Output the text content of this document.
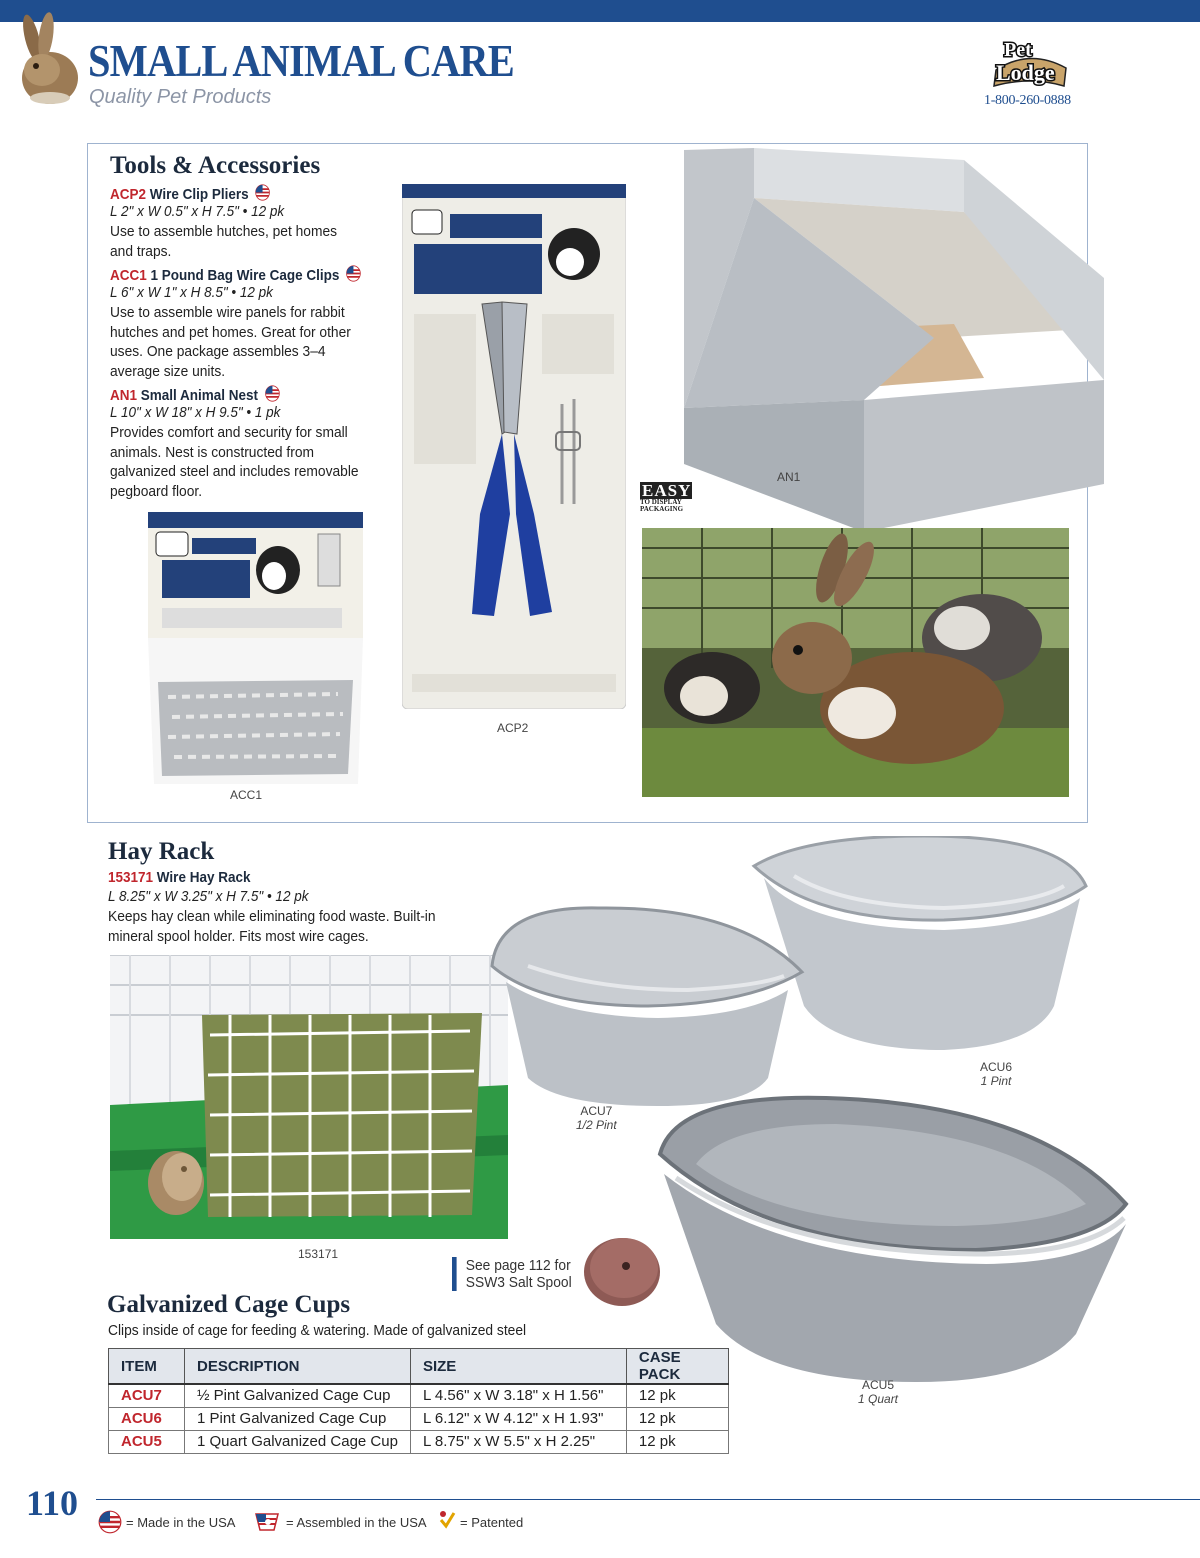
SMALL ANIMAL CARE
Quality Pet Products
Pet
Lodge
1-800-260-0888
Tools & Accessories
ACP2 Wire Clip Pliers
L 2" x W 0.5" x H 7.5" • 12 pk
Use to assemble hutches, pet homes and traps.
ACC1 1 Pound Bag Wire Cage Clips
L 6" x W 1" x H 8.5" • 12 pk
Use to assemble wire panels for rabbit hutches and pet homes. Great for other uses. One package assembles 3–4 average size units.
AN1 Small Animal Nest
L 10" x W 18" x H 9.5" • 1 pk
Provides comfort and security for small animals. Nest is constructed from galvanized steel and includes removable pegboard floor.
ACC1
ACP2
AN1
EASY
TO DISPLAY PACKAGING
Hay Rack
153171 Wire Hay Rack
L 8.25" x W 3.25" x H 7.5" • 12 pk
Keeps hay clean while eliminating food waste. Built-in mineral spool holder. Fits most wire cages.
153171
ACU6
1 Pint
ACU7
1/2 Pint
ACU5
1 Quart
See page 112 for SSW3 Salt Spool
Galvanized Cage Cups
Clips inside of cage for feeding & watering. Made of galvanized steel
ITEM	DESCRIPTION	SIZE	CASE PACK
ACU7	½ Pint Galvanized Cage Cup	L 4.56" x W 3.18" x H 1.56"	12 pk
ACU6	1 Pint Galvanized Cage Cup	L 6.12" x W 4.12" x H 1.93"	12 pk
ACU5	1 Quart Galvanized Cage Cup	L 8.75" x W 5.5" x H 2.25"	12 pk
110	= Made in the USA	= Assembled in the USA	= Patented
